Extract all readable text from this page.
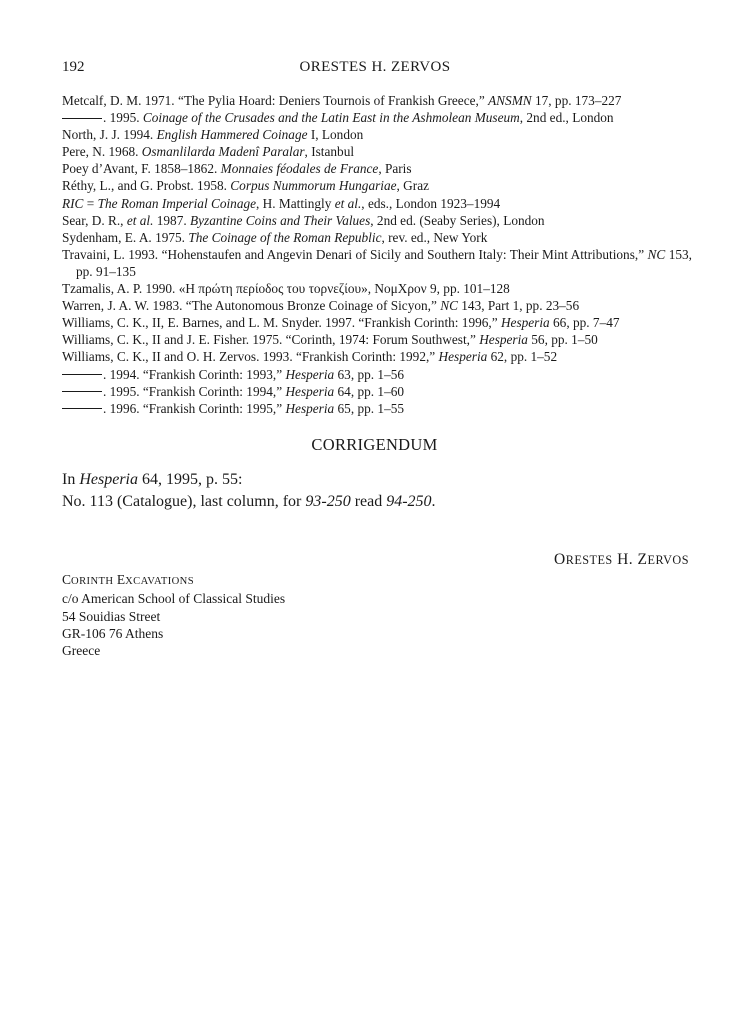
192	ORESTES H. ZERVOS
Metcalf, D. M. 1971. “The Pylia Hoard: Deniers Tournois of Frankish Greece,” ANSMN 17, pp. 173–227
. 1995. Coinage of the Crusades and the Latin East in the Ashmolean Museum, 2nd ed., London
North, J. J. 1994. English Hammered Coinage I, London
Pere, N. 1968. Osmanlilarda Madenî Paralar, Istanbul
Poey d’Avant, F. 1858–1862. Monnaies féodales de France, Paris
Réthy, L., and G. Probst. 1958. Corpus Nummorum Hungariae, Graz
RIC = The Roman Imperial Coinage, H. Mattingly et al., eds., London 1923–1994
Sear, D. R., et al. 1987. Byzantine Coins and Their Values, 2nd ed. (Seaby Series), London
Sydenham, E. A. 1975. The Coinage of the Roman Republic, rev. ed., New York
Travaini, L. 1993. “Hohenstaufen and Angevin Denari of Sicily and Southern Italy: Their Mint Attributions,” NC 153, pp. 91–135
Tzamalis, A. P. 1990. «Η πρώτη περίοδος του τορνεζίου», ΝομΧρον 9, pp. 101–128
Warren, J. A. W. 1983. “The Autonomous Bronze Coinage of Sicyon,” NC 143, Part 1, pp. 23–56
Williams, C. K., II, E. Barnes, and L. M. Snyder. 1997. “Frankish Corinth: 1996,” Hesperia 66, pp. 7–47
Williams, C. K., II and J. E. Fisher. 1975. “Corinth, 1974: Forum Southwest,” Hesperia 56, pp. 1–50
Williams, C. K., II and O. H. Zervos. 1993. “Frankish Corinth: 1992,” Hesperia 62, pp. 1–52
. 1994. “Frankish Corinth: 1993,” Hesperia 63, pp. 1–56
. 1995. “Frankish Corinth: 1994,” Hesperia 64, pp. 1–60
. 1996. “Frankish Corinth: 1995,” Hesperia 65, pp. 1–55
CORRIGENDUM
In Hesperia 64, 1995, p. 55:
No. 113 (Catalogue), last column, for 93-250 read 94-250.
ORESTES H. ZERVOS
CORINTH EXCAVATIONS
c/o American School of Classical Studies
54 Souidias Street
GR-106 76 Athens
Greece
